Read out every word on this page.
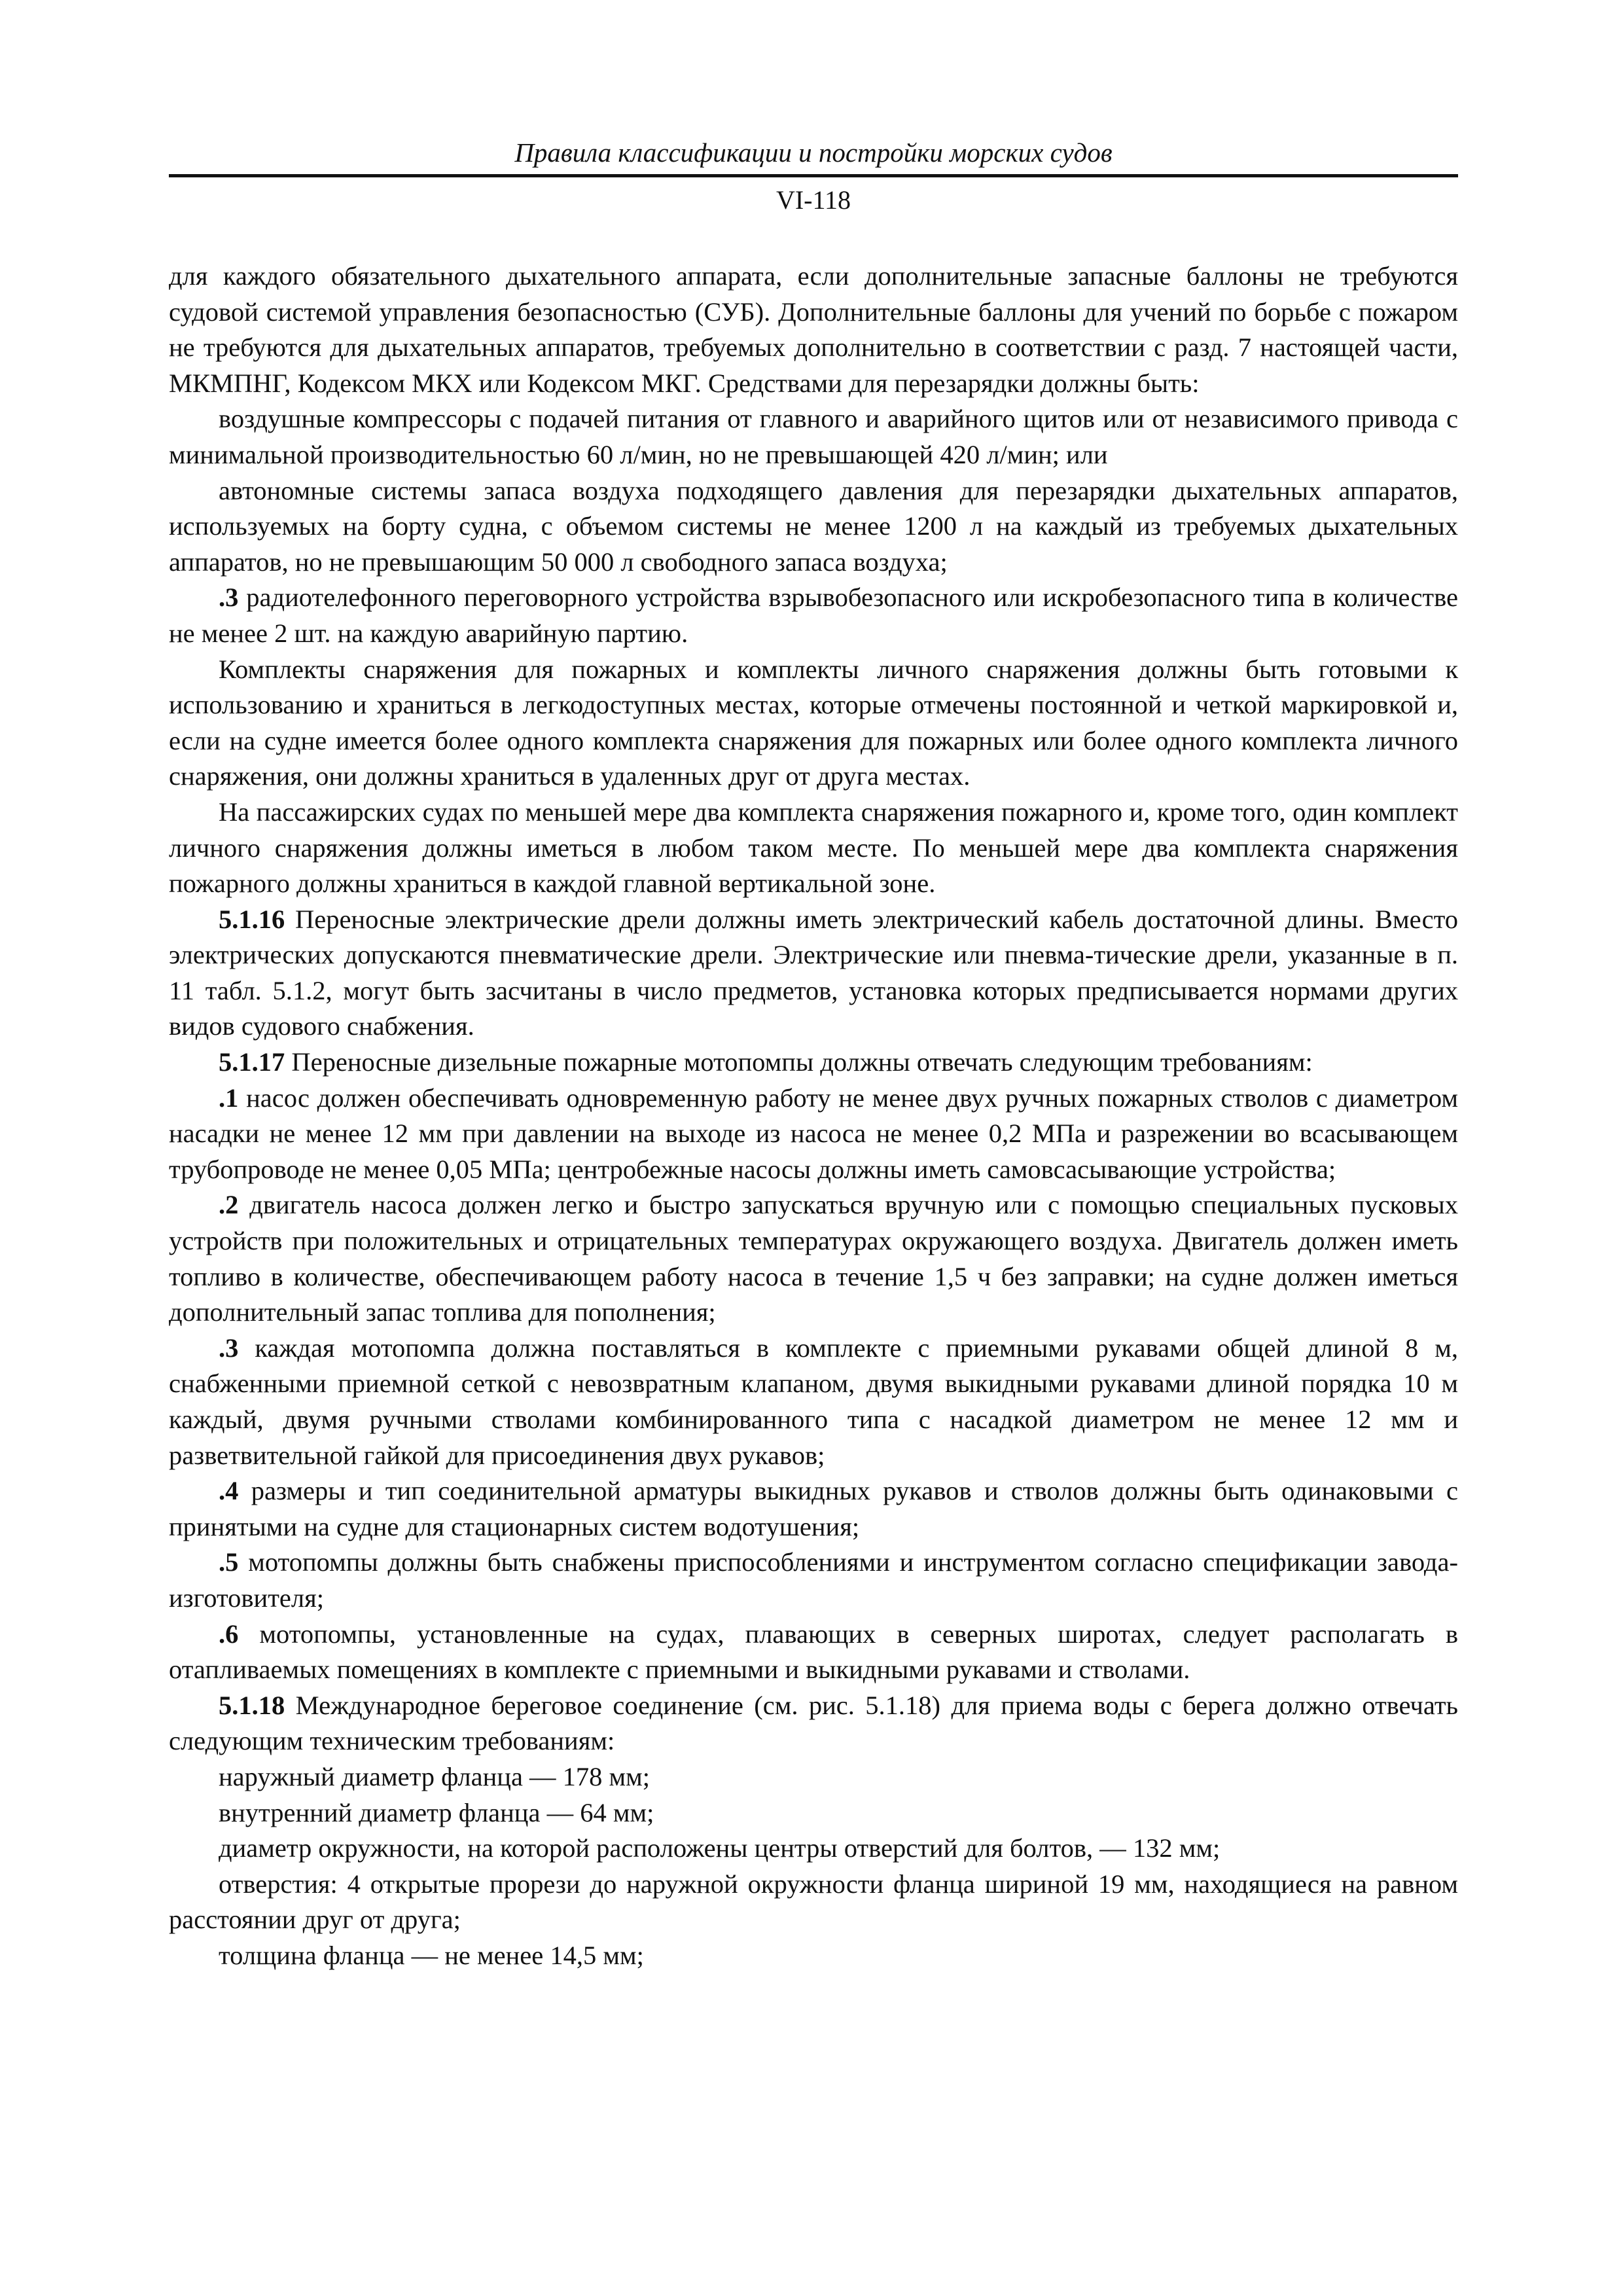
Правила классификации и постройки морских судов
VI-118

для каждого обязательного дыхательного аппарата, если дополнительные запасные баллоны не требуются судовой системой управления безопасностью (СУБ). Дополнительные баллоны для учений по борьбе с пожаром не требуются для дыхательных аппаратов, требуемых дополнительно в соответствии с разд. 7 настоящей части, МКМПНГ, Кодексом МКХ или Кодексом МКГ. Средствами для перезарядки должны быть:

воздушные компрессоры с подачей питания от главного и аварийного щитов или от независимого привода с минимальной производительностью 60 л/мин, но не превышающей 420 л/мин; или

автономные системы запаса воздуха подходящего давления для перезарядки дыхательных аппаратов, используемых на борту судна, с объемом системы не менее 1200 л на каждый из требуемых дыхательных аппаратов, но не превышающим 50 000 л свободного запаса воздуха;

.3 радиотелефонного переговорного устройства взрывобезопасного или искробезопасного типа в количестве не менее 2 шт. на каждую аварийную партию.

Комплекты снаряжения для пожарных и комплекты личного снаряжения должны быть готовыми к использованию и храниться в легкодоступных местах, которые отмечены постоянной и четкой маркировкой и, если на судне имеется более одного комплекта снаряжения для пожарных или более одного комплекта личного снаряжения, они должны храниться в удаленных друг от друга местах.

На пассажирских судах по меньшей мере два комплекта снаряжения пожарного и, кроме того, один комплект личного снаряжения должны иметься в любом таком месте. По меньшей мере два комплекта снаряжения пожарного должны храниться в каждой главной вертикальной зоне.

5.1.16 Переносные электрические дрели должны иметь электрический кабель достаточной длины. Вместо электрических допускаются пневматические дрели. Электрические или пневма-тические дрели, указанные в п. 11 табл. 5.1.2, могут быть засчитаны в число предметов, установка которых предписывается нормами других видов судового снабжения.

5.1.17 Переносные дизельные пожарные мотопомпы должны отвечать следующим требованиям:

.1 насос должен обеспечивать одновременную работу не менее двух ручных пожарных стволов с диаметром насадки не менее 12 мм при давлении на выходе из насоса не менее 0,2 МПа и разрежении во всасывающем трубопроводе не менее 0,05 МПа; центробежные насосы должны иметь самовсасывающие устройства;

.2 двигатель насоса должен легко и быстро запускаться вручную или с помощью специальных пусковых устройств при положительных и отрицательных температурах окружающего воздуха. Двигатель должен иметь топливо в количестве, обеспечивающем работу насоса в течение 1,5 ч без заправки; на судне должен иметься дополнительный запас топлива для пополнения;

.3 каждая мотопомпа должна поставляться в комплекте с приемными рукавами общей длиной 8 м, снабженными приемной сеткой с невозвратным клапаном, двумя выкидными рукавами длиной порядка 10 м каждый, двумя ручными стволами комбинированного типа с насадкой диаметром не менее 12 мм и разветвительной гайкой для присоединения двух рукавов;

.4 размеры и тип соединительной арматуры выкидных рукавов и стволов должны быть одинаковыми с принятыми на судне для стационарных систем водотушения;

.5 мотопомпы должны быть снабжены приспособлениями и инструментом согласно спецификации завода-изготовителя;

.6 мотопомпы, установленные на судах, плавающих в северных широтах, следует располагать в отапливаемых помещениях в комплекте с приемными и выкидными рукавами и стволами.

5.1.18 Международное береговое соединение (см. рис. 5.1.18) для приема воды с берега должно отвечать следующим техническим требованиям:

наружный диаметр фланца — 178 мм;

внутренний диаметр фланца — 64 мм;

диаметр окружности, на которой расположены центры отверстий для болтов, — 132 мм;

отверстия: 4 открытые прорези до наружной окружности фланца шириной 19 мм, находящиеся на равном расстоянии друг от друга;

толщина фланца — не менее 14,5 мм;
